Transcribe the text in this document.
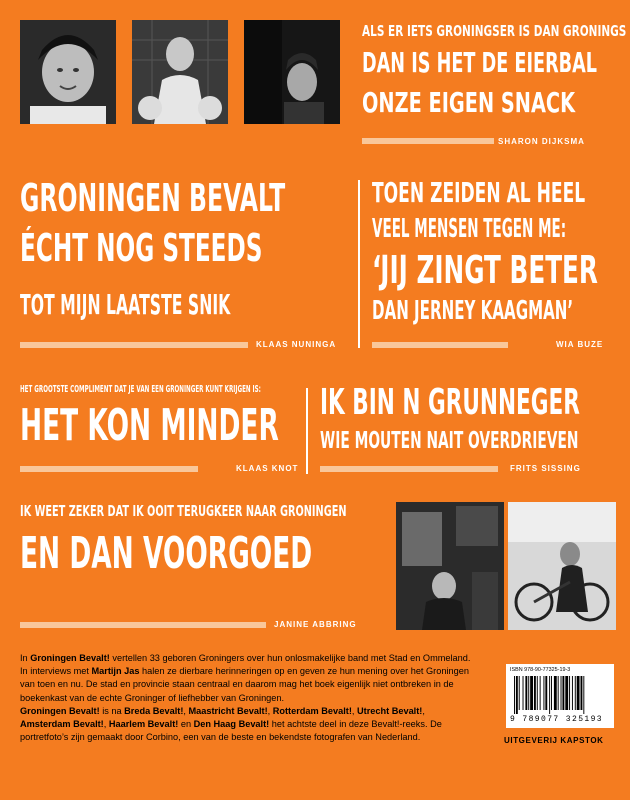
ALS ER IETS GRONINGSER IS DAN GRONINGS
DAN IS HET DE EIERBAL
ONZE EIGEN SNACK
SHARON DIJKSMA
GRONINGEN BEVALT
ÉCHT NOG STEEDS
TOT MIJN LAATSTE SNIK
KLAAS NUNINGA
TOEN ZEIDEN AL HEEL
VEEL MENSEN TEGEN ME:
‘JIJ ZINGT BETER
DAN JERNEY KAAGMAN’
WIA BUZE
HET GROOTSTE COMPLIMENT DAT JE VAN EEN GRONINGER KUNT KRIJGEN IS:
HET KON MINDER
KLAAS KNOT
IK BIN N GRUNNEGER
WIE MOUTEN NAIT OVERDRIEVEN
FRITS SISSING
IK WEET ZEKER DAT IK OOIT TERUGKEER NAAR GRONINGEN
EN DAN VOORGOED
JANINE ABBRING
In Groningen Bevalt! vertellen 33 geboren Groningers over hun onlosmakelijke band met Stad en Ommeland. In interviews met Martijn Jas halen ze dierbare herinneringen op en geven ze hun mening over het Groningen van toen en nu. De stad en provincie staan centraal en daarom mag het boek eigenlijk niet ontbreken in de boekenkast van de echte Groninger of liefhebber van Groningen.
Groningen Bevalt! is na Breda Bevalt!, Maastricht Bevalt!, Rotterdam Bevalt!, Utrecht Bevalt!, Amsterdam Bevalt!, Haarlem Bevalt! en Den Haag Bevalt! het achtste deel in deze Bevalt!-reeks. De portretfoto’s zijn gemaakt door Corbino, een van de beste en bekendste fotografen van Nederland.
ISBN 978-90-77325-19-3
9 789077 325193
UITGEVERIJ KAPSTOK
